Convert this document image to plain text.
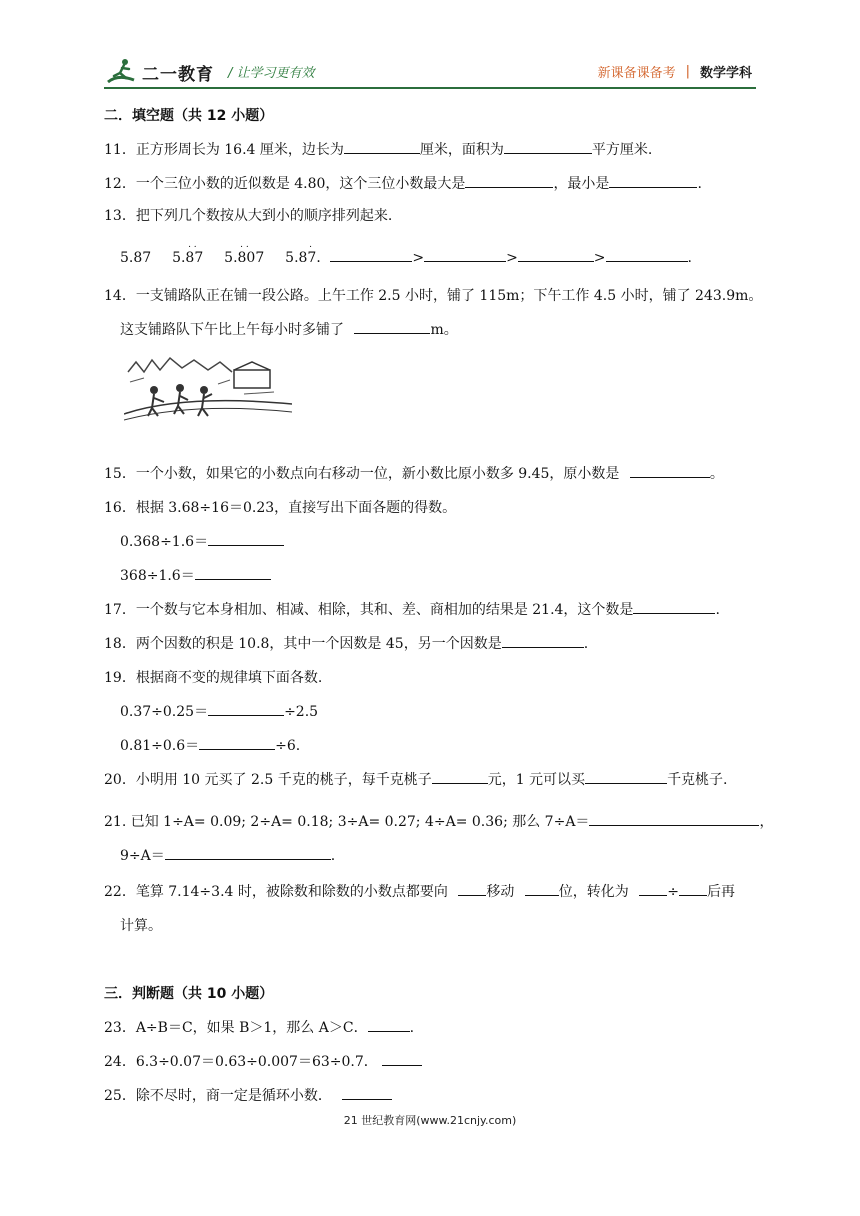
二一教育 / 让学习更有效	新课备课备考 | 数学学科
二．填空题（共 12 小题）
11．正方形周长为 16.4 厘米，边长为	厘米，面积为	平方厘米.
12．一个三位小数的近似数是 4.80，这个三位小数最大是	，最小是	.
13．把下列几个数按从大到小的顺序排列起来.
5.87 5.87
. .
5.807
. .
5.87
.
．	>	>	>	.
14．一支铺路队正在铺一段公路。上午工作 2.5 小时，铺了 115m；下午工作 4.5 小时，铺了 243.9m。
这支铺路队下午比上午每小时多铺了	m。
15．一个小数，如果它的小数点向右移动一位，新小数比原小数多 9.45，原小数是	。
16．根据 3.68÷16＝0.23，直接写出下面各题的得数。
0.368÷1.6＝
368÷1.6＝
17．一个数与它本身相加、相减、相除，其和、差、商相加的结果是 21.4，这个数是	.
18．两个因数的积是 10.8，其中一个因数是 45，另一个因数是	.
19．根据商不变的规律填下面各数.
0.37÷0.25＝	÷2.5
0.81÷0.6＝	÷6.
20．小明用 10 元买了 2.5 千克的桃子，每千克桃子	元，1 元可以买	千克桃子.
21. 已知 1÷A= 0.09; 2÷A= 0.18; 3÷A= 0.27; 4÷A= 0.36; 那么 7÷A＝	，
9÷A＝	.
22．笔算 7.14÷3.4 时，被除数和除数的小数点都要向	移动	位，转化为	÷ 后再
计算。
三．判断题（共 10 小题）
23．A÷B＝C，如果 B＞1，那么 A＞C．	.
24．6.3÷0.07＝0.63÷0.007＝63÷0.7．
25．除不尽时，商一定是循环小数．
21 世纪教育网(www.21cnjy.com)
